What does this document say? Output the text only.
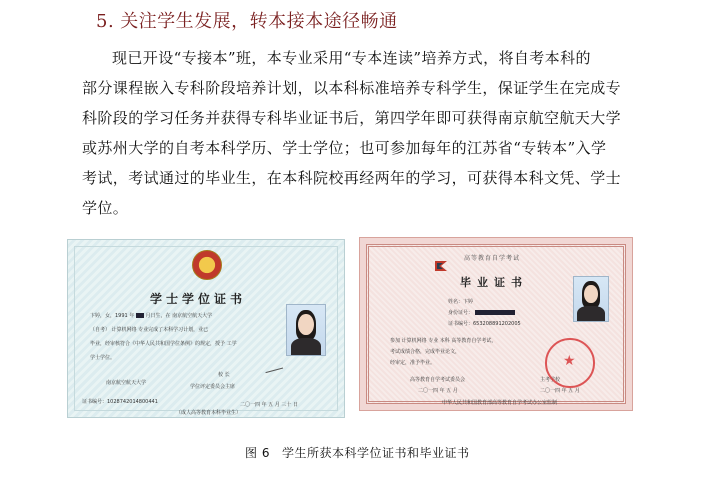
5. 关注学生发展，转本接本途径畅通

现已开设“专接本”班，本专业采用“专本连读”培养方式，将自考本科的

部分课程嵌入专科阶段培养计划，以本科标准培养专科学生，保证学生在完成专

科阶段的学习任务并获得专科毕业证书后，第四学年即可获得南京航空航天大学

或苏州大学的自考本科学历、学士学位；也可参加每年的江苏省“专转本”入学

考试，考试通过的毕业生，在本科院校再经两年的学习，可获得本科文凭、学士

学位。

学士学位证书
卞婷，女，1991 年 月日生，在 南京航空航天大学
（自考） 计算机网络 专业完成了本科学习计划，业已
毕业，经审核符合《中华人民共和国学位条例》的规定，授予 工学
学士学位。
南京航空航天大学
校 长
学位评定委员会主席
证书编号：1028742014800441	二〇一四 年 五 月 三十 日
（成人高等教育本科毕业生）
高等教育自学考试
毕业证书
姓名：卞婷
身份证号：
证书编号：653208891202005
参加 计算机网络 专业 本科 高等教育自学考试，
考试成绩合格，完成毕业论文，
经审定，准予毕业。
高等教育自学考试委员会	主考学校
二〇一四 年 五 月	二〇一四 年 五 月
★
中华人民共和国教育部高等教育自学考试办公室监制
图 6 学生所获本科学位证书和毕业证书
